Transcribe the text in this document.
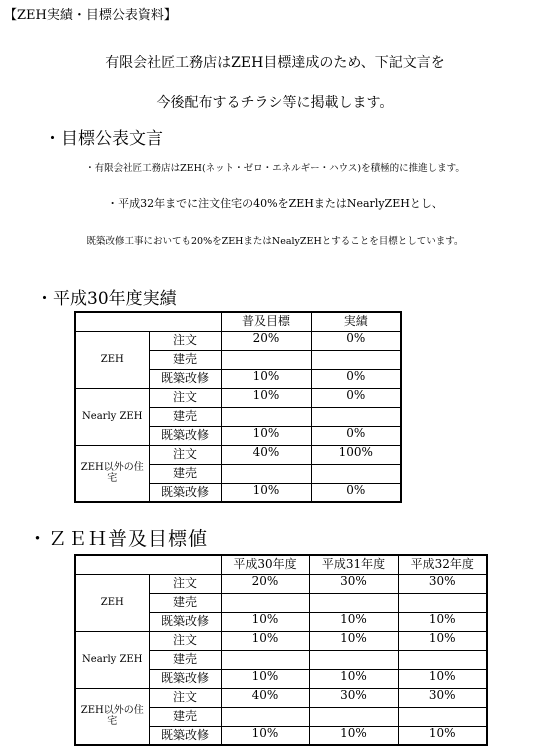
【ZEH実績・目標公表資料】
有限会社匠工務店はZEH目標達成のため、下記文言を
今後配布するチラシ等に掲載します。
・目標公表文言
・有限会社匠工務店はZEH(ネット・ゼロ・エネルギー・ハウス)を積極的に推進します。
・平成32年までに注文住宅の40%をZEHまたはNearlyZEHとし、
既築改修工事においても20%をZEHまたはNealyZEHとすることを目標としています。
・平成30年度実績
		普及目標	実績
ZEH	注文	20%	0%
	建売		
	既築改修	10%	0%
Nearly ZEH	注文	10%	0%
	建売		
	既築改修	10%	0%
ZEH以外の住宅	注文	40%	100%
	建売		
	既築改修	10%	0%
・ＺＥＨ普及目標値
		平成30年度	平成31年度	平成32年度
ZEH	注文	20%	30%	30%
	建売			
	既築改修	10%	10%	10%
Nearly ZEH	注文	10%	10%	10%
	建売			
	既築改修	10%	10%	10%
ZEH以外の住宅	注文	40%	30%	30%
	建売			
	既築改修	10%	10%	10%
